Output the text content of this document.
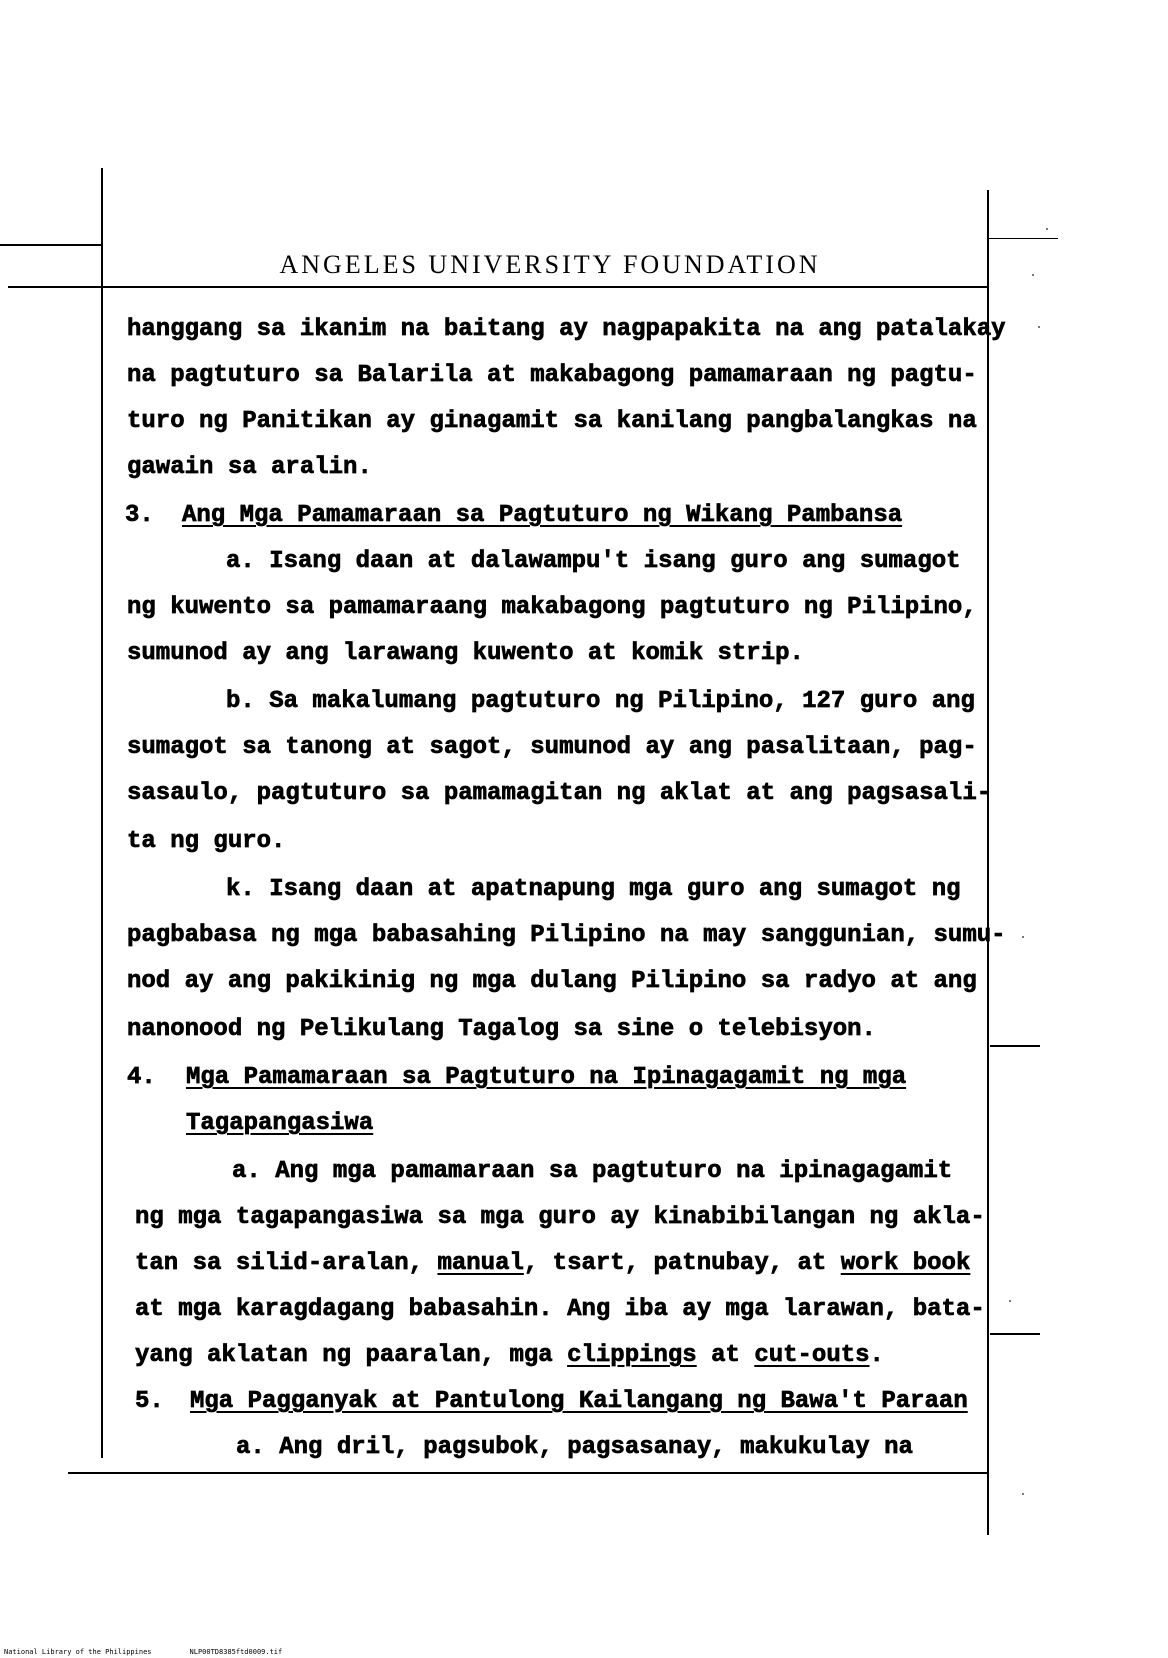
ANGELES UNIVERSITY FOUNDATION
hanggang sa ikanim na baitang ay nagpapakita na ang patalakay
na pagtuturo sa Balarila at makabagong pamamaraan ng pagtu-
turo ng Panitikan ay ginagamit sa kanilang pangbalangkas na
gawain sa aralin.
3. Ang Mga Pamamaraan sa Pagtuturo ng Wikang Pambansa
a. Isang daan at dalawampu't isang guro ang sumagot
ng kuwento sa pamamaraang makabagong pagtuturo ng Pilipino,
sumunod ay ang larawang kuwento at komik strip.
b. Sa makalumang pagtuturo ng Pilipino, 127 guro ang
sumagot sa tanong at sagot, sumunod ay ang pasalitaan, pag-
sasaulo, pagtuturo sa pamamagitan ng aklat at ang pagsasali-
ta ng guro.
k. Isang daan at apatnapung mga guro ang sumagot ng
pagbabasa ng mga babasahing Pilipino na may sanggunian, sumu-
nod ay ang pakikinig ng mga dulang Pilipino sa radyo at ang
nanonood ng Pelikulang Tagalog sa sine o telebisyon.
4. Mga Pamamaraan sa Pagtuturo na Ipinagagamit ng mga
Tagapangasiwa
a. Ang mga pamamaraan sa pagtuturo na ipinagagamit
ng mga tagapangasiwa sa mga guro ay kinabibilangan ng akla-
tan sa silid-aralan, manual, tsart, patnubay, at work book
at mga karagdagang babasahin. Ang iba ay mga larawan, bata-
yang aklatan ng paaralan, mga clippings at cut-outs.
5. Mga Pagganyak at Pantulong Kailangang ng Bawa't Paraan
a. Ang dril, pagsubok, pagsasanay, makukulay na
National Library of the Philippines	NLP00TD8385ftd0009.tif
